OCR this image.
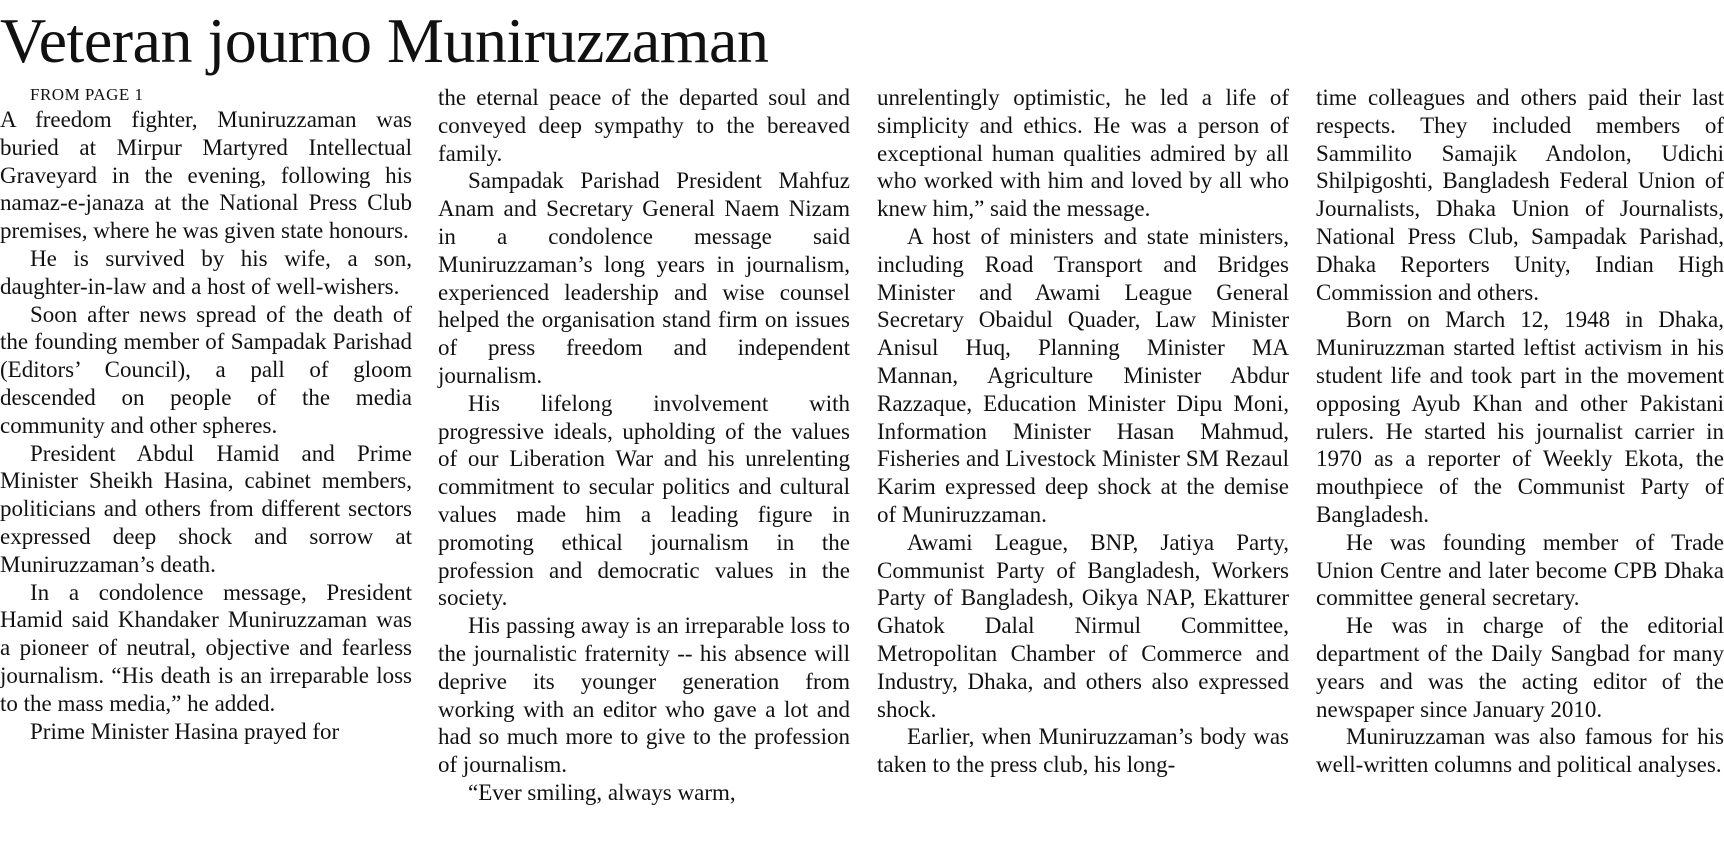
Veteran journo Muniruzzaman

FROM PAGE 1

A freedom fighter, Muniruzzaman was buried at Mirpur Martyred Intellectual Graveyard in the evening, following his namaz-e-janaza at the National Press Club premises, where he was given state honours.

He is survived by his wife, a son, daughter-in-law and a host of well-wishers.

Soon after news spread of the death of the founding member of Sampadak Parishad (Editors’ Council), a pall of gloom descended on people of the media community and other spheres.

President Abdul Hamid and Prime Minister Sheikh Hasina, cabinet members, politicians and others from different sectors expressed deep shock and sorrow at Muniruzzaman’s death.

In a condolence message, President Hamid said Khandaker Muniruzzaman was a pioneer of neutral, objective and fearless journalism. “His death is an irreparable loss to the mass media,” he added.

Prime Minister Hasina prayed for

the eternal peace of the departed soul and conveyed deep sympathy to the bereaved family.

Sampadak Parishad President Mahfuz Anam and Secretary General Naem Nizam in a condolence message said Muniruzzaman’s long years in journalism, experienced leadership and wise counsel helped the organisation stand firm on issues of press freedom and independent journalism.

His lifelong involvement with progressive ideals, upholding of the values of our Liberation War and his unrelenting commitment to secular politics and cultural values made him a leading figure in promoting ethical journalism in the profession and democratic values in the society.

His passing away is an irreparable loss to the journalistic fraternity -- his absence will deprive its younger generation from working with an editor who gave a lot and had so much more to give to the profession of journalism.

“Ever smiling, always warm,

unrelentingly optimistic, he led a life of simplicity and ethics. He was a person of exceptional human qualities admired by all who worked with him and loved by all who knew him,” said the message.

A host of ministers and state ministers, including Road Transport and Bridges Minister and Awami League General Secretary Obaidul Quader, Law Minister Anisul Huq, Planning Minister MA Mannan, Agriculture Minister Abdur Razzaque, Education Minister Dipu Moni, Information Minister Hasan Mahmud, Fisheries and Livestock Minister SM Rezaul Karim expressed deep shock at the demise of Muniruzzaman.

Awami League, BNP, Jatiya Party, Communist Party of Bangladesh, Workers Party of Bangladesh, Oikya NAP, Ekatturer Ghatok Dalal Nirmul Committee, Metropolitan Chamber of Commerce and Industry, Dhaka, and others also expressed shock.

Earlier, when Muniruzzaman’s body was taken to the press club, his long-

time colleagues and others paid their last respects. They included members of Sammilito Samajik Andolon, Udichi Shilpigoshti, Bangladesh Federal Union of Journalists, Dhaka Union of Journalists, National Press Club, Sampadak Parishad, Dhaka Reporters Unity, Indian High Commission and others.

Born on March 12, 1948 in Dhaka, Muniruzzman started leftist activism in his student life and took part in the movement opposing Ayub Khan and other Pakistani rulers. He started his journalist carrier in 1970 as a reporter of Weekly Ekota, the mouthpiece of the Communist Party of Bangladesh.

He was founding member of Trade Union Centre and later become CPB Dhaka committee general secretary.

He was in charge of the editorial department of the Daily Sangbad for many years and was the acting editor of the newspaper since January 2010.

Muniruzzaman was also famous for his well-written columns and political analyses.
